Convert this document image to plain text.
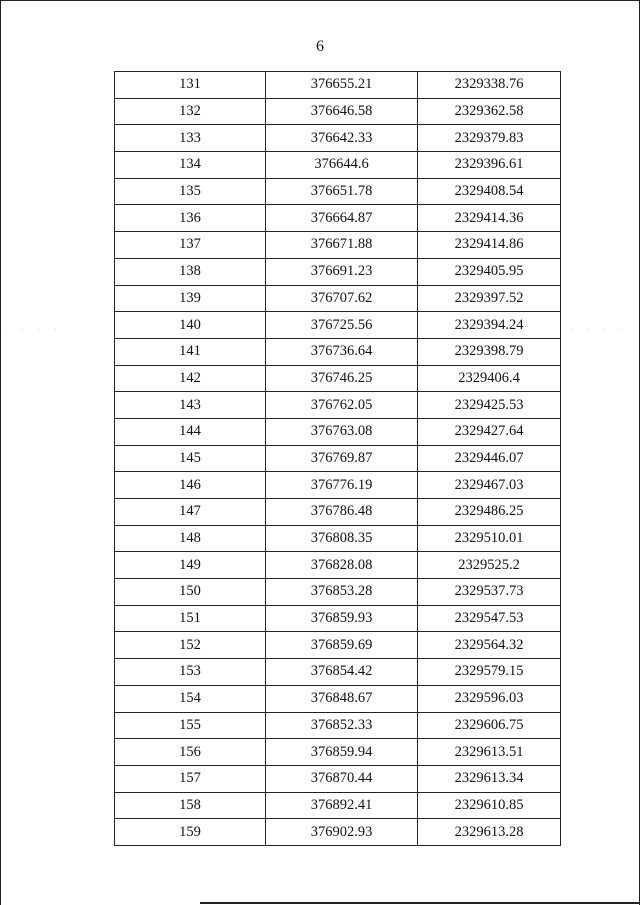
6
· · · ·	· · · ·
131	376655.21	2329338.76
132	376646.58	2329362.58
133	376642.33	2329379.83
134	376644.6	2329396.61
135	376651.78	2329408.54
136	376664.87	2329414.36
137	376671.88	2329414.86
138	376691.23	2329405.95
139	376707.62	2329397.52
140	376725.56	2329394.24
141	376736.64	2329398.79
142	376746.25	2329406.4
143	376762.05	2329425.53
144	376763.08	2329427.64
145	376769.87	2329446.07
146	376776.19	2329467.03
147	376786.48	2329486.25
148	376808.35	2329510.01
149	376828.08	2329525.2
150	376853.28	2329537.73
151	376859.93	2329547.53
152	376859.69	2329564.32
153	376854.42	2329579.15
154	376848.67	2329596.03
155	376852.33	2329606.75
156	376859.94	2329613.51
157	376870.44	2329613.34
158	376892.41	2329610.85
159	376902.93	2329613.28
